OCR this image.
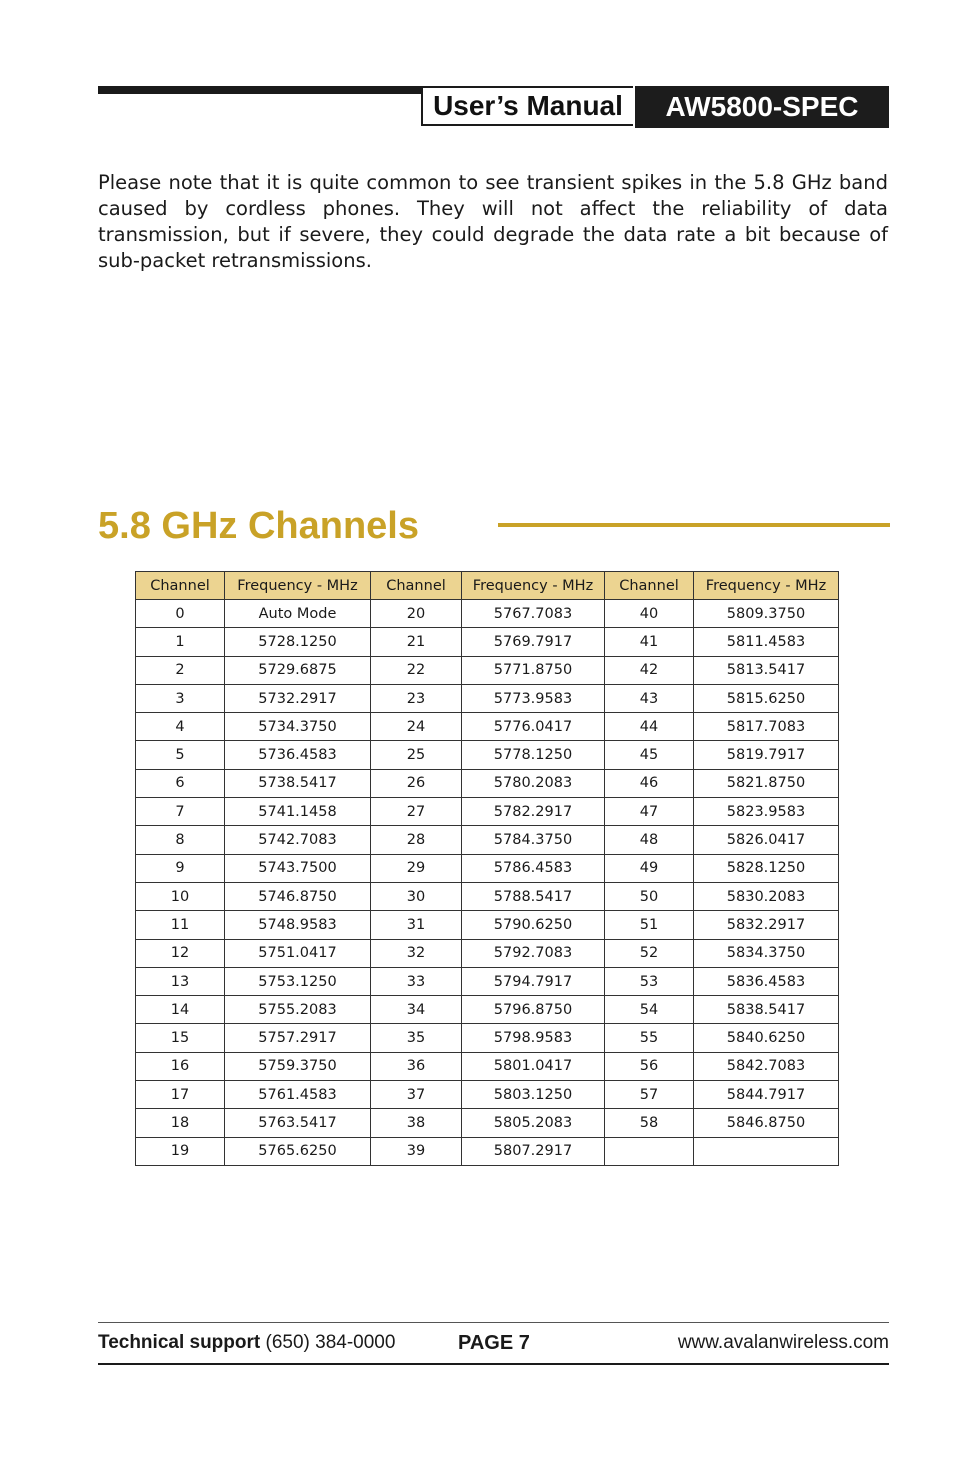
User’s Manual	AW5800-SPEC

Please note that it is quite common to see transient spikes in the 5.8 GHz band caused by cordless phones. They will not affect the reliability of data transmission, but if severe, they could degrade the data rate a bit because of sub-packet retransmissions.

5.8 GHz Channels
Channel	Frequency - MHz	Channel	Frequency - MHz	Channel	Frequency - MHz
0	Auto Mode	20	5767.7083	40	5809.3750
1	5728.1250	21	5769.7917	41	5811.4583
2	5729.6875	22	5771.8750	42	5813.5417
3	5732.2917	23	5773.9583	43	5815.6250
4	5734.3750	24	5776.0417	44	5817.7083
5	5736.4583	25	5778.1250	45	5819.7917
6	5738.5417	26	5780.2083	46	5821.8750
7	5741.1458	27	5782.2917	47	5823.9583
8	5742.7083	28	5784.3750	48	5826.0417
9	5743.7500	29	5786.4583	49	5828.1250
10	5746.8750	30	5788.5417	50	5830.2083
11	5748.9583	31	5790.6250	51	5832.2917
12	5751.0417	32	5792.7083	52	5834.3750
13	5753.1250	33	5794.7917	53	5836.4583
14	5755.2083	34	5796.8750	54	5838.5417
15	5757.2917	35	5798.9583	55	5840.6250
16	5759.3750	36	5801.0417	56	5842.7083
17	5761.4583	37	5803.1250	57	5844.7917
18	5763.5417	38	5805.2083	58	5846.8750
19	5765.6250	39	5807.2917		
Technical support (650) 384-0000	PAGE 7	www.avalanwireless.com
